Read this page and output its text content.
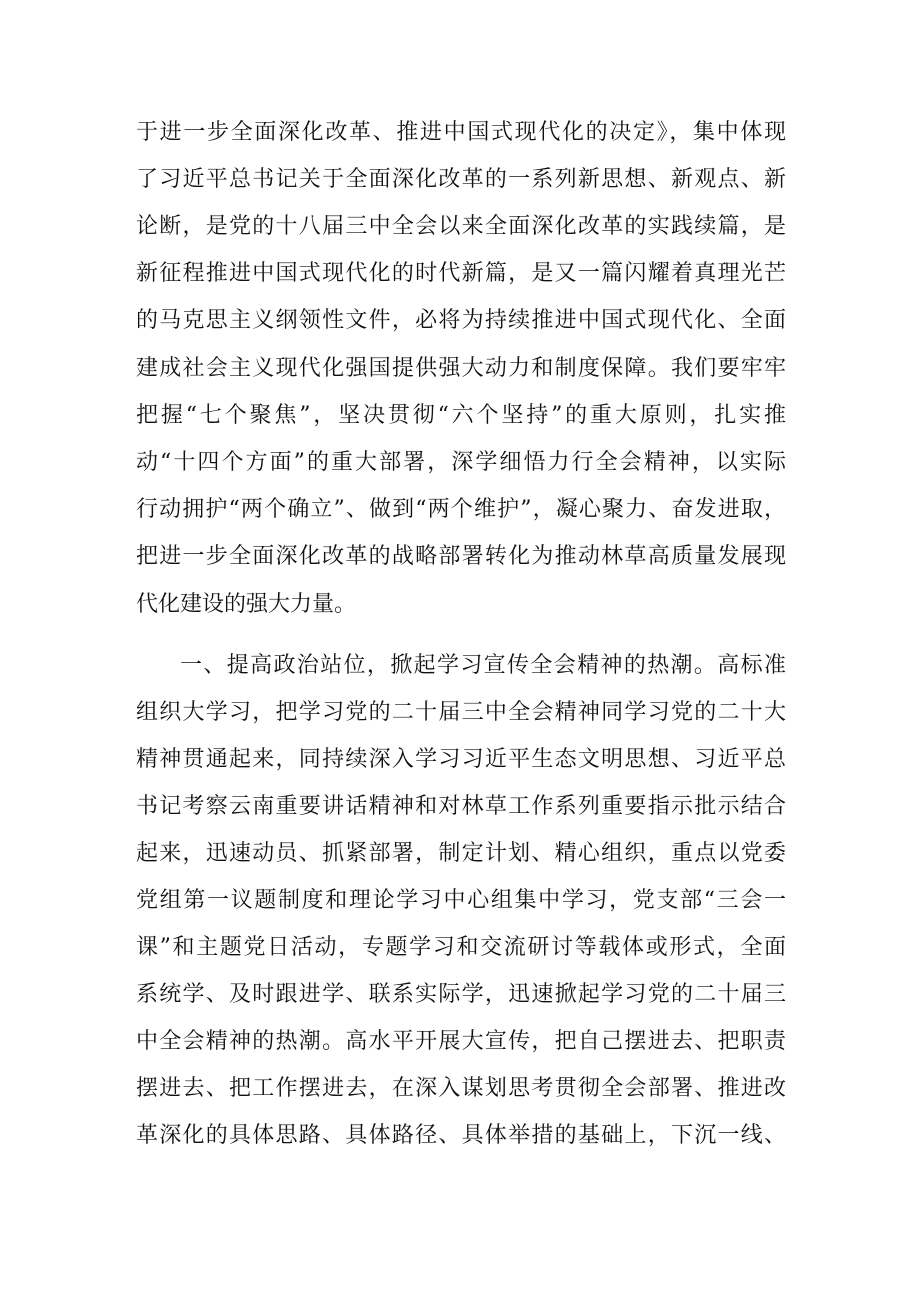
于进一步全面深化改革、推进中国式现代化的决定》，集中体现
了习近平总书记关于全面深化改革的一系列新思想、新观点、新
论断，是党的十八届三中全会以来全面深化改革的实践续篇，是
新征程推进中国式现代化的时代新篇，是又一篇闪耀着真理光芒
的马克思主义纲领性文件，必将为持续推进中国式现代化、全面
建成社会主义现代化强国提供强大动力和制度保障。我们要牢牢
把握“七个聚焦”，坚决贯彻“六个坚持”的重大原则，扎实推
动“十四个方面”的重大部署，深学细悟力行全会精神，以实际
行动拥护“两个确立”、做到“两个维护”，凝心聚力、奋发进取，
把进一步全面深化改革的战略部署转化为推动林草高质量发展现
代化建设的强大力量。
一、提高政治站位，掀起学习宣传全会精神的热潮。高标准
组织大学习，把学习党的二十届三中全会精神同学习党的二十大
精神贯通起来，同持续深入学习习近平生态文明思想、习近平总
书记考察云南重要讲话精神和对林草工作系列重要指示批示结合
起来，迅速动员、抓紧部署，制定计划、精心组织，重点以党委
党组第一议题制度和理论学习中心组集中学习，党支部“三会一
课”和主题党日活动，专题学习和交流研讨等载体或形式，全面
系统学、及时跟进学、联系实际学，迅速掀起学习党的二十届三
中全会精神的热潮。高水平开展大宣传，把自己摆进去、把职责
摆进去、把工作摆进去，在深入谋划思考贯彻全会部署、推进改
革深化的具体思路、具体路径、具体举措的基础上，下沉一线、
